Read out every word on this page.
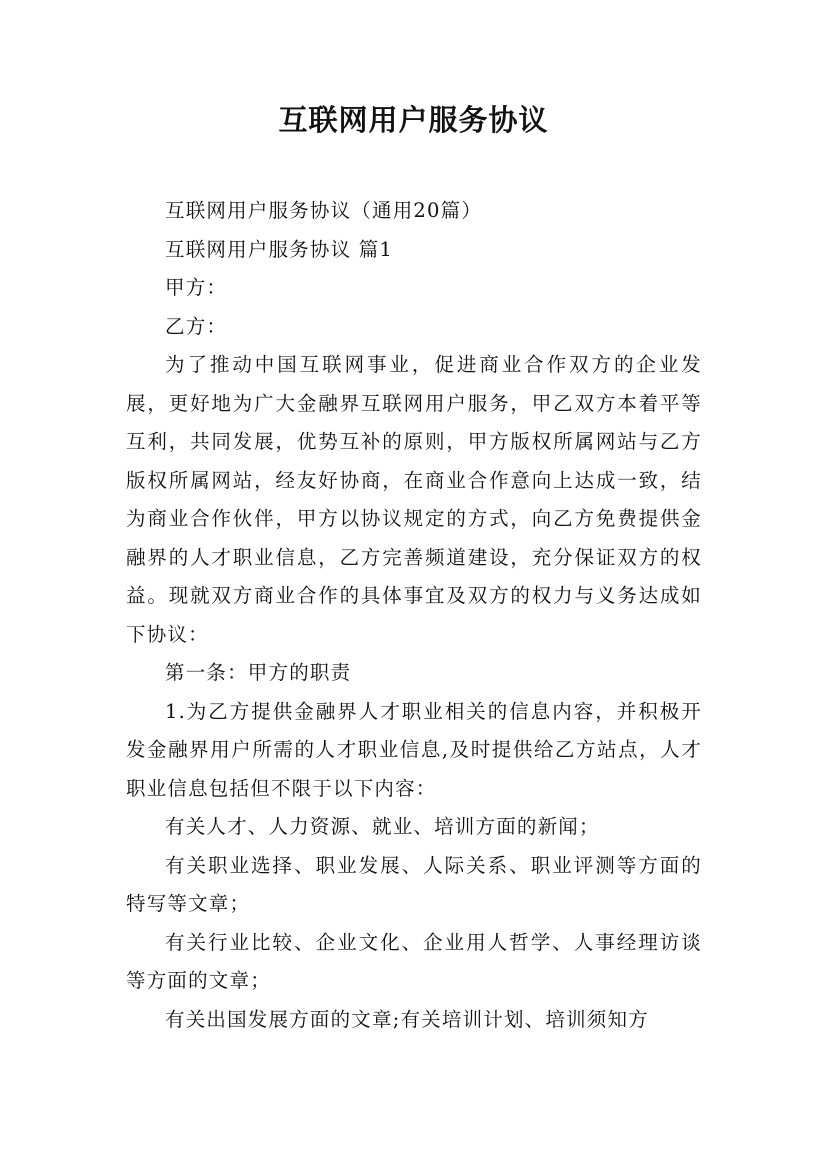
互联网用户服务协议

互联网用户服务协议（通用20篇）

互联网用户服务协议 篇1

甲方：

乙方：

为了推动中国互联网事业，促进商业合作双方的企业发展，更好地为广大金融界互联网用户服务，甲乙双方本着平等互利，共同发展，优势互补的原则，甲方版权所属网站与乙方版权所属网站，经友好协商，在商业合作意向上达成一致，结为商业合作伙伴，甲方以协议规定的方式，向乙方免费提供金融界的人才职业信息，乙方完善频道建设，充分保证双方的权益。现就双方商业合作的具体事宜及双方的权力与义务达成如下协议：

第一条：甲方的职责

1.为乙方提供金融界人才职业相关的信息内容，并积极开发金融界用户所需的人才职业信息,及时提供给乙方站点，人才职业信息包括但不限于以下内容：

有关人才、人力资源、就业、培训方面的新闻；

有关职业选择、职业发展、人际关系、职业评测等方面的特写等文章；

有关行业比较、企业文化、企业用人哲学、人事经理访谈等方面的文章；

有关出国发展方面的文章;有关培训计划、培训须知方
